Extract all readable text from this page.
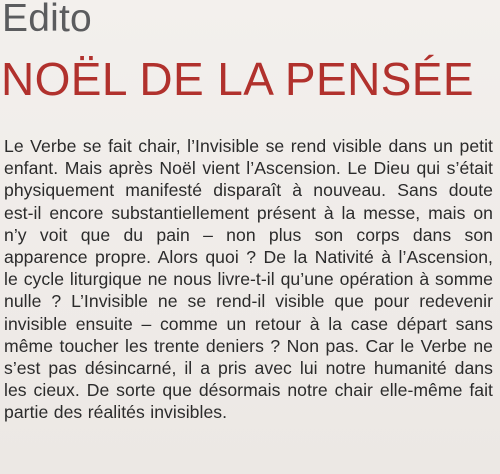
Edito
NOËL DE LA PENSÉE

Le Verbe se fait chair, l’Invisible se rend visible dans un petit enfant. Mais après Noël vient l’Ascension. Le Dieu qui s’était physiquement manifesté disparaît à nouveau. Sans doute est-il encore substantiellement présent à la messe, mais on n’y voit que du pain – non plus son corps dans son apparence propre. Alors quoi ? De la Nativité à l’Ascension, le cycle liturgique ne nous livre-t-il qu’une opération à somme nulle ? L’Invisible ne se rend-il visible que pour redevenir invisible ensuite – comme un retour à la case départ sans même toucher les trente deniers ? Non pas. Car le Verbe ne s’est pas désincarné, il a pris avec lui notre humanité dans les cieux. De sorte que désormais notre chair elle-même fait partie des réalités invisibles.
